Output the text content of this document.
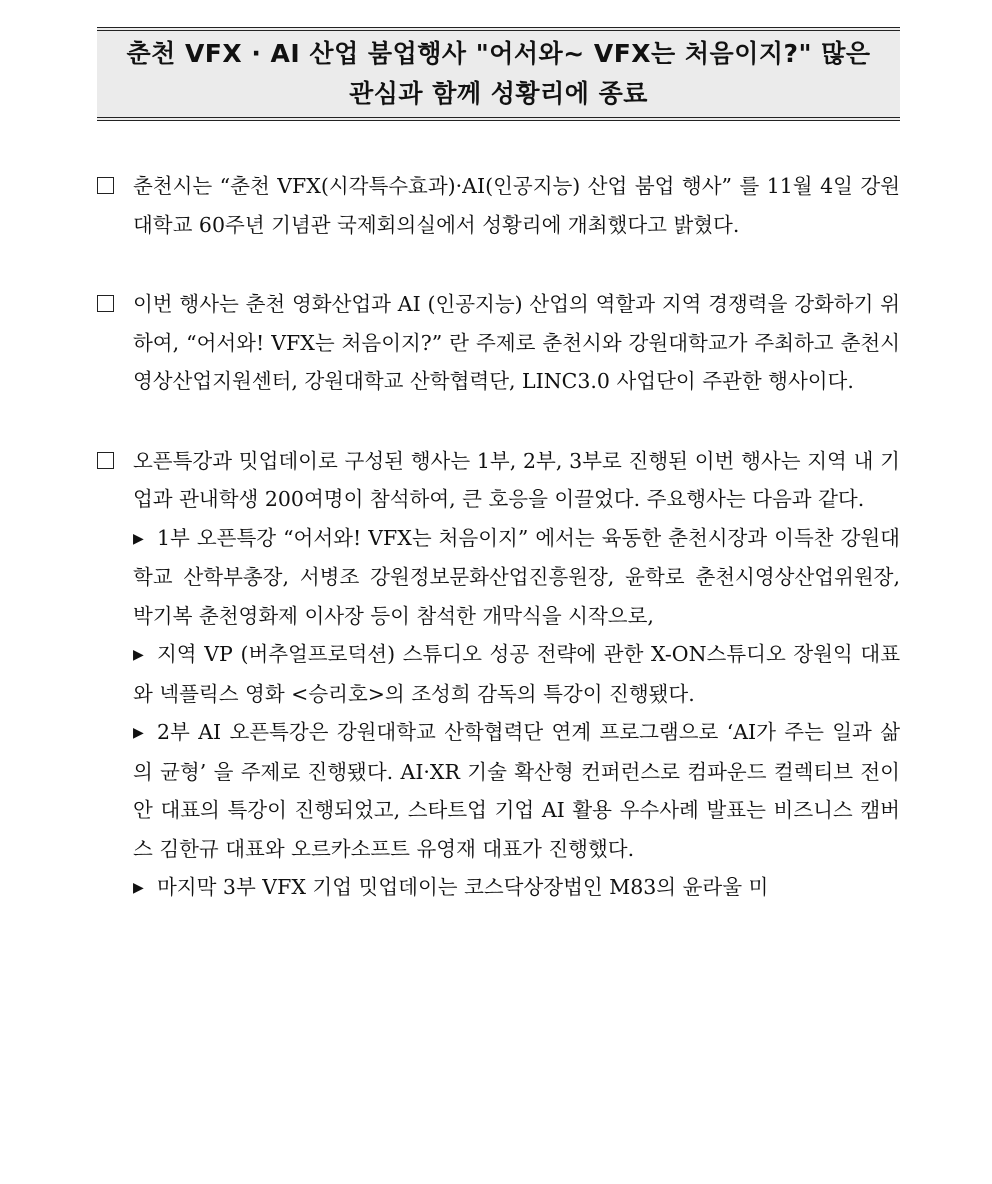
춘천 VFX · AI 산업 붐업행사 "어서와~ VFX는 처음이지?" 많은
관심과 함께 성황리에 종료

춘천시는 “춘천 VFX(시각특수효과)·AI(인공지능) 산업 붐업 행사” 를 11월 4일 강원대학교 60주년 기념관 국제회의실에서 성황리에 개최했다고 밝혔다.

이번 행사는 춘천 영화산업과 AI (인공지능) 산업의 역할과 지역 경쟁력을 강화하기 위하여, “어서와! VFX는 처음이지?” 란 주제로 춘천시와 강원대학교가 주최하고 춘천시영상산업지원센터, 강원대학교 산학협력단, LINC3.0 사업단이 주관한 행사이다.

오픈특강과 밋업데이로 구성된 행사는 1부, 2부, 3부로 진행된 이번 행사는 지역 내 기업과 관내학생 200여명이 참석하여, 큰 호응을 이끌었다. 주요행사는 다음과 같다.

▶ 1부 오픈특강 “어서와! VFX는 처음이지” 에서는 육동한 춘천시장과 이득찬 강원대학교 산학부총장, 서병조 강원정보문화산업진흥원장, 윤학로 춘천시영상산업위원장, 박기복 춘천영화제 이사장 등이 참석한 개막식을 시작으로,
▶ 지역 VP (버추얼프로덕션) 스튜디오 성공 전략에 관한 X-ON스튜디오 장원익 대표와 넥플릭스 영화 <승리호>의 조성희 감독의 특강이 진행됐다.
▶ 2부 AI 오픈특강은 강원대학교 산학협력단 연계 프로그램으로 ‘AI가 주는 일과 삶의 균형’ 을 주제로 진행됐다. AI·XR 기술 확산형 컨퍼런스로 컴파운드 컬렉티브 전이안 대표의 특강이 진행되었고, 스타트업 기업 AI 활용 우수사례 발표는 비즈니스 캠버스 김한규 대표와 오르카소프트 유영재 대표가 진행했다.
▶ 마지막 3부 VFX 기업 밋업데이는 코스닥상장법인 M83의 윤라울 미
